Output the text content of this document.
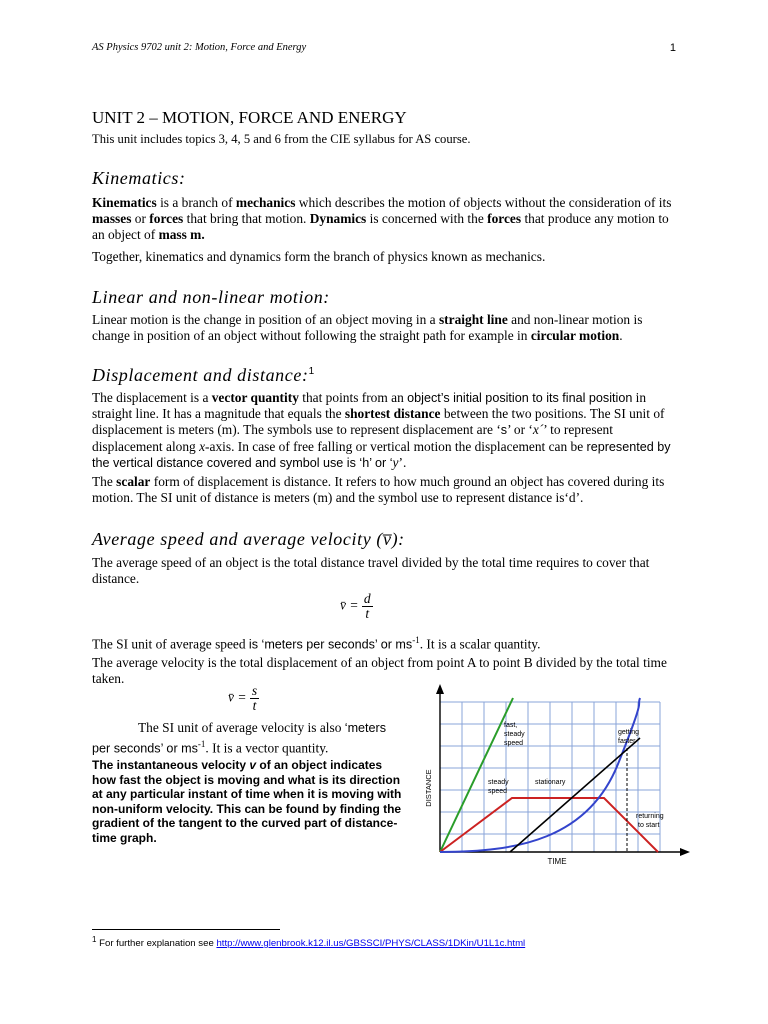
AS Physics 9702 unit 2: Motion, Force and Energy	1
UNIT 2 – MOTION, FORCE AND ENERGY
This unit includes topics 3, 4, 5 and 6 from the CIE syllabus for AS course.
Kinematics:
Kinematics is a branch of mechanics which describes the motion of objects without the consideration of its masses or forces that bring that motion. Dynamics is concerned with the forces that produce any motion to an object of mass m.
Together, kinematics and dynamics form the branch of physics known as mechanics.
Linear and non-linear motion:
Linear motion is the change in position of an object moving in a straight line and non-linear motion is change in position of an object without following the straight path for example in circular motion.
Displacement and distance:$^1$
The displacement is a vector quantity that points from an object’s initial position to its final position in straight line. It has a magnitude that equals the shortest distance between the two positions. The SI unit of displacement is meters (m). The symbols use to represent displacement are ‘s’ or ‘x´’ to represent displacement along x-axis. In case of free falling or vertical motion the displacement can be represented by the vertical distance covered and symbol use is ‘h’ or ‘y’.
The scalar form of displacement is distance. It refers to how much ground an object has covered during its motion. The SI unit of distance is meters (m) and the symbol use to represent distance is‘d’.
Average speed and average velocity (v̅):
The average speed of an object is the total distance travel divided by the total time requires to cover that distance.
v̄ = $\frac{d}{t}$
The SI unit of average speed is ‘meters per seconds’ or $ms^{-1}$. It is a scalar quantity.
The average velocity is the total displacement of an object from point A to point B divided by the total time taken.
v̄ = $\frac{s}{t}$
The SI unit of average velocity is also ‘meters per seconds’ or $ms^{-1}$. It is a vector quantity.
The instantaneous velocity v of an object indicates how fast the object is moving and what is its direction at any particular instant of time when it is moving with non-uniform velocity. This can be found by finding the gradient of the tangent to the curved part of distance-time graph.
DISTANCE
TIME
fast, steady speed
getting faster
steady speed
stationary
returning to start
$^1$ For further explanation see http://www.glenbrook.k12.il.us/GBSSCI/PHYS/CLASS/1DKin/U1L1c.html
